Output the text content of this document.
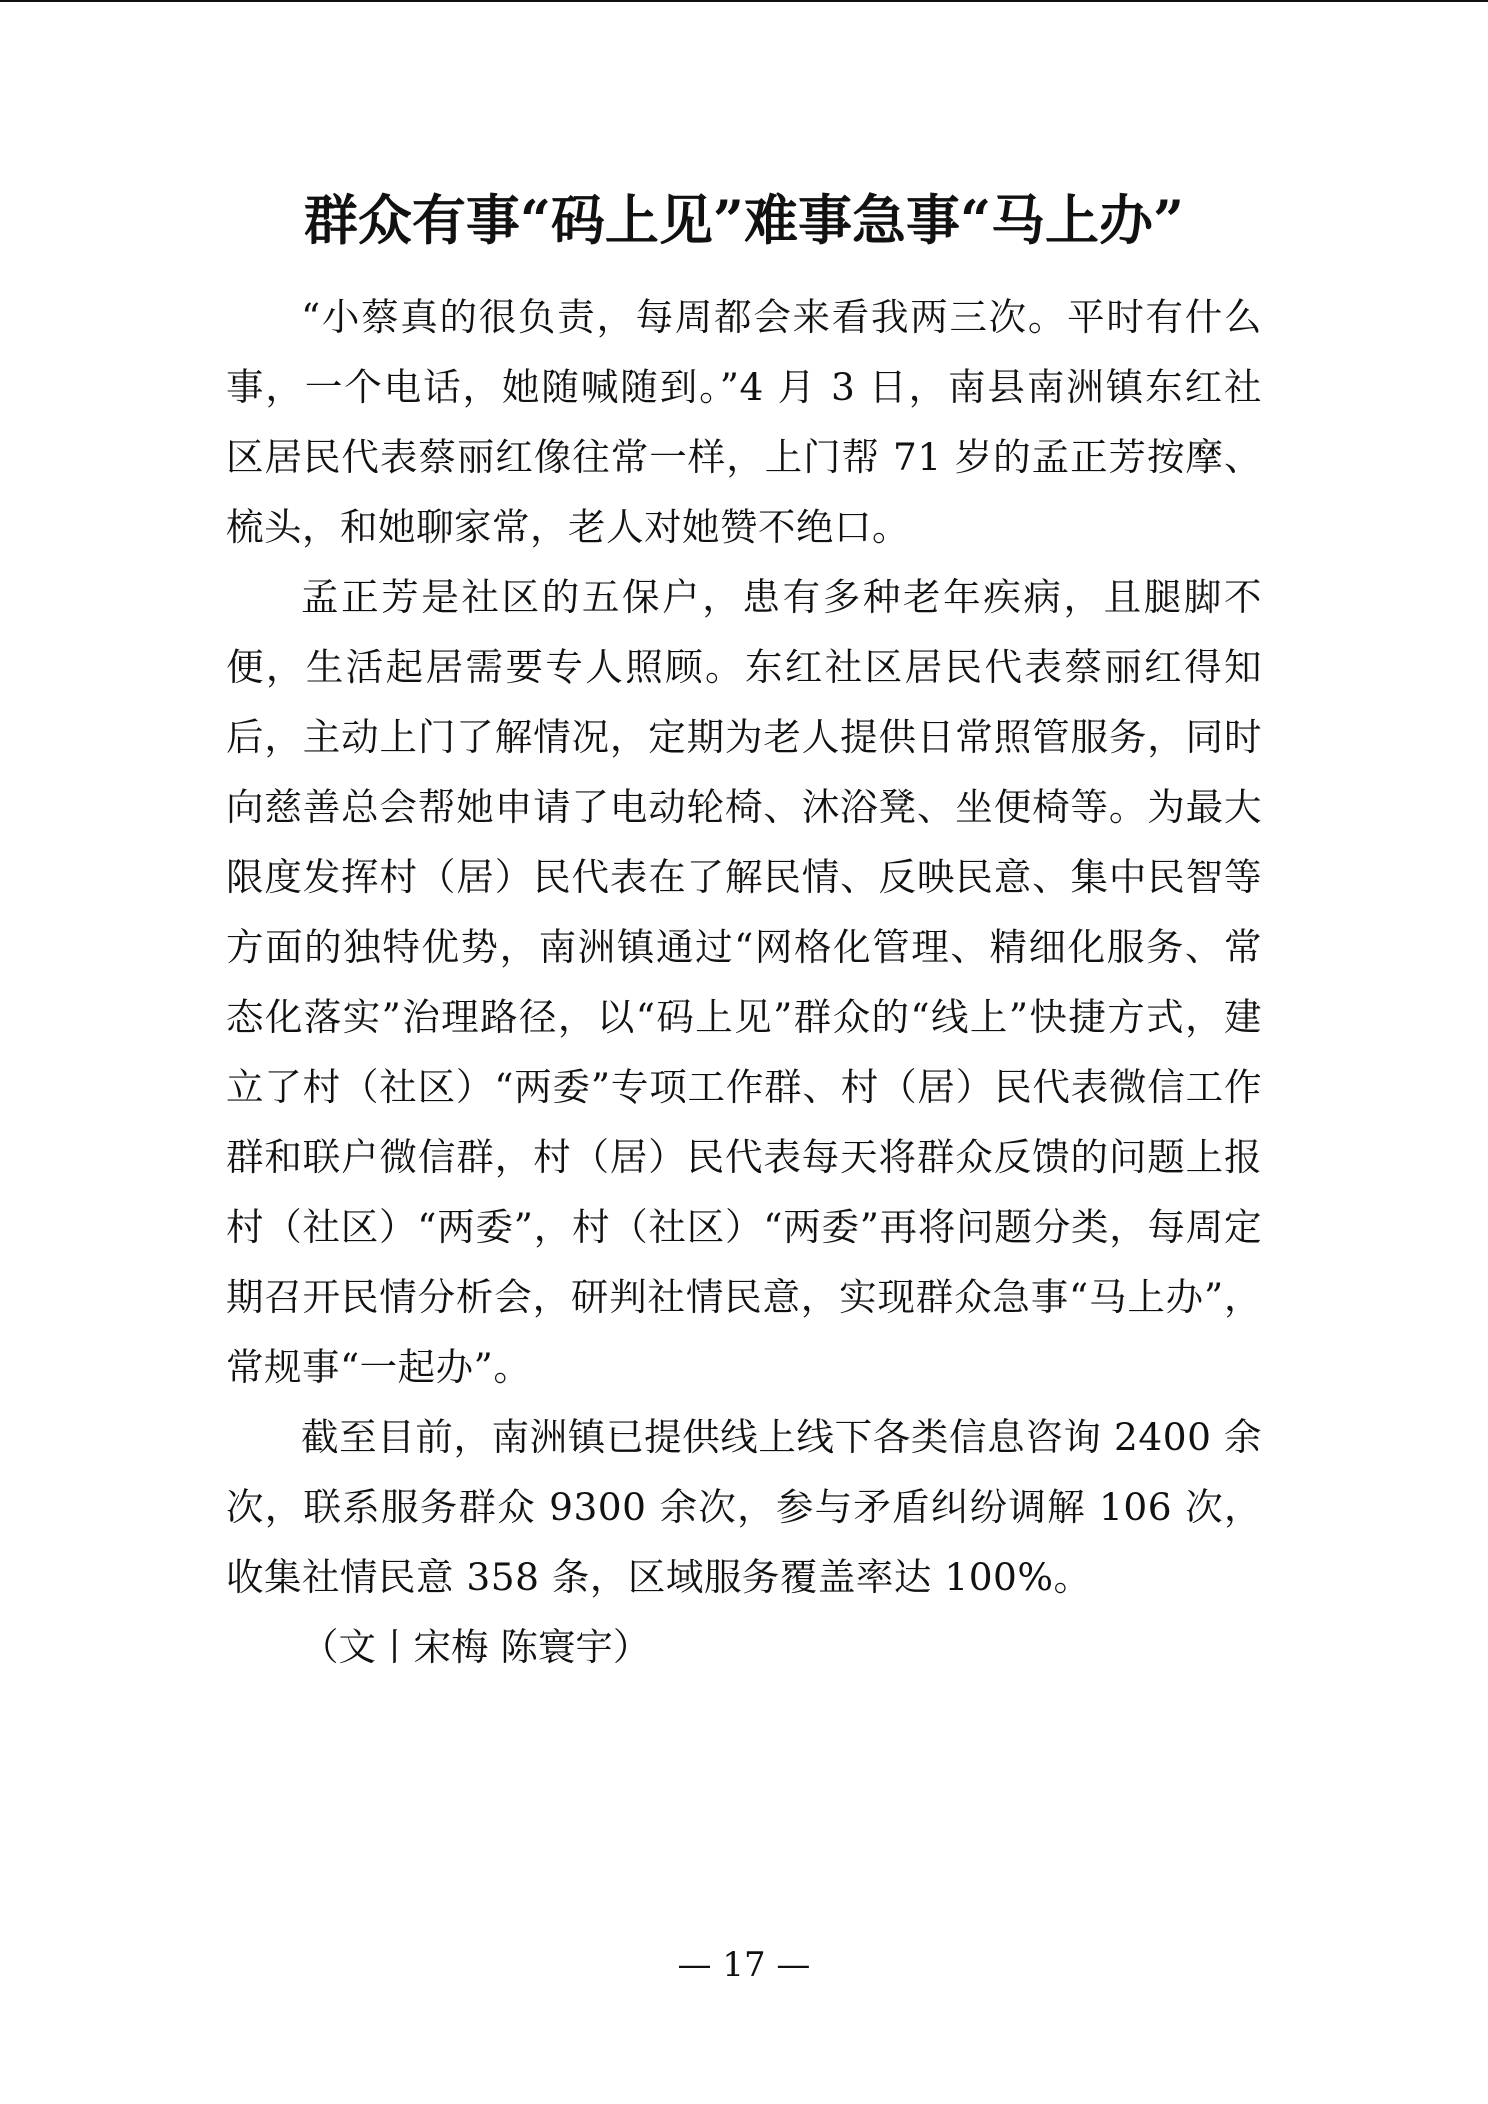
群众有事“码上见”难事急事“马上办”

“小蔡真的很负责，每周都会来看我两三次。平时有什么事，一个电话，她随喊随到。”4 月 3 日，南县南洲镇东红社区居民代表蔡丽红像往常一样，上门帮 71 岁的孟正芳按摩、梳头，和她聊家常，老人对她赞不绝口。

孟正芳是社区的五保户，患有多种老年疾病，且腿脚不便，生活起居需要专人照顾。东红社区居民代表蔡丽红得知后，主动上门了解情况，定期为老人提供日常照管服务，同时向慈善总会帮她申请了电动轮椅、沐浴凳、坐便椅等。为最大限度发挥村（居）民代表在了解民情、反映民意、集中民智等方面的独特优势，南洲镇通过“网格化管理、精细化服务、常态化落实”治理路径，以“码上见”群众的“线上”快捷方式，建立了村（社区）“两委”专项工作群、村（居）民代表微信工作群和联户微信群，村（居）民代表每天将群众反馈的问题上报村（社区）“两委”，村（社区）“两委”再将问题分类，每周定期召开民情分析会，研判社情民意，实现群众急事“马上办”，常规事“一起办”。

截至目前，南洲镇已提供线上线下各类信息咨询 2400 余次，联系服务群众 9300 余次，参与矛盾纠纷调解 106 次，收集社情民意 358 条，区域服务覆盖率达 100%。

（文丨宋梅 陈寰宇）

— 17 —
